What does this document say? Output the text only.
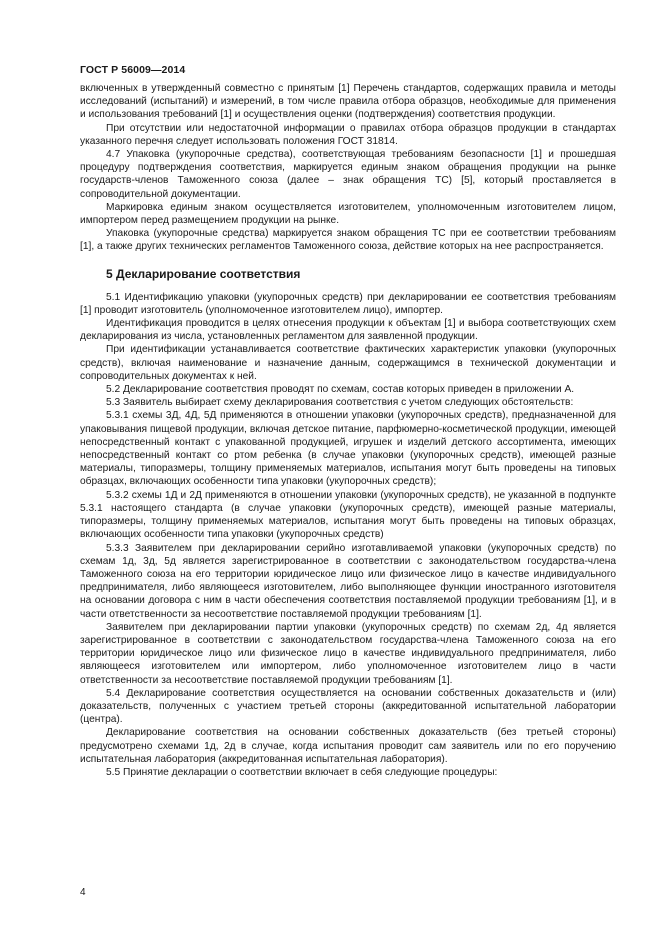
ГОСТ Р 56009—2014

включенных в утвержденный совместно с принятым [1] Перечень стандартов, содержащих правила и методы исследований (испытаний) и измерений, в том числе правила отбора образцов, необходимые для применения и использования требований [1] и осуществления оценки (подтверждения) соответствия продукции.

При отсутствии или недостаточной информации о правилах отбора образцов продукции в стандартах указанного перечня следует использовать положения ГОСТ 31814.

4.7 Упаковка (укупорочные средства), соответствующая требованиям безопасности [1] и прошедшая процедуру подтверждения соответствия, маркируется единым знаком обращения продукции на рынке государств-членов Таможенного союза (далее – знак обращения ТС) [5], который проставляется в сопроводительной документации.

Маркировка единым знаком осуществляется изготовителем, уполномоченным изготовителем лицом, импортером перед размещением продукции на рынке.

Упаковка (укупорочные средства) маркируется знаком обращения ТС при ее соответствии требованиям [1], а также других технических регламентов Таможенного союза, действие которых на нее распространяется.

5 Декларирование соответствия

5.1 Идентификацию упаковки (укупорочных средств) при декларировании ее соответствия требованиям [1] проводит изготовитель (уполномоченное изготовителем лицо), импортер.

Идентификация проводится в целях отнесения продукции к объектам [1] и выбора соответствующих схем декларирования из числа, установленных регламентом для заявленной продукции.

При идентификации устанавливается соответствие фактических характеристик упаковки (укупорочных средств), включая наименование и назначение данным, содержащимся в технической документации и сопроводительных документах к ней.

5.2 Декларирование соответствия проводят по схемам, состав которых приведен в приложении А.

5.3 Заявитель выбирает схему декларирования соответствия с учетом следующих обстоятельств:

5.3.1 схемы 3Д, 4Д, 5Д применяются в отношении упаковки (укупорочных средств), предназначенной для упаковывания пищевой продукции, включая детское питание, парфюмерно-косметической продукции, имеющей непосредственный контакт с упакованной продукцией, игрушек и изделий детского ассортимента, имеющих непосредственный контакт со ртом ребенка (в случае упаковки (укупорочных средств), имеющей разные материалы, типоразмеры, толщину применяемых материалов, испытания могут быть проведены на типовых образцах, включающих особенности типа упаковки (укупорочных средств);

5.3.2 схемы 1Д и 2Д применяются в отношении упаковки (укупорочных средств), не указанной в подпункте 5.3.1 настоящего стандарта (в случае упаковки (укупорочных средств), имеющей разные материалы, типоразмеры, толщину применяемых материалов, испытания могут быть проведены на типовых образцах, включающих особенности типа упаковки (укупорочных средств)

5.3.3 Заявителем при декларировании серийно изготавливаемой упаковки (укупорочных средств) по схемам 1д, 3д, 5д является зарегистрированное в соответствии с законодательством государства-члена Таможенного союза на его территории юридическое лицо или физическое лицо в качестве индивидуального предпринимателя, либо являющееся изготовителем, либо выполняющее функции иностранного изготовителя на основании договора с ним в части обеспечения соответствия поставляемой продукции требованиям [1], и в части ответственности за несоответствие поставляемой продукции требованиям [1].

Заявителем при декларировании партии упаковки (укупорочных средств) по схемам 2д, 4д является зарегистрированное в соответствии с законодательством государства-члена Таможенного союза на его территории юридическое лицо или физическое лицо в качестве индивидуального предпринимателя, либо являющееся изготовителем или импортером, либо уполномоченное изготовителем лицо в части ответственности за несоответствие поставляемой продукции требованиям [1].

5.4 Декларирование соответствия осуществляется на основании собственных доказательств и (или) доказательств, полученных с участием третьей стороны (аккредитованной испытательной лаборатории (центра).

Декларирование соответствия на основании собственных доказательств (без третьей стороны) предусмотрено схемами 1д, 2д в случае, когда испытания проводит сам заявитель или по его поручению испытательная лаборатория (аккредитованная испытательная лаборатория).

5.5 Принятие декларации о соответствии включает в себя следующие процедуры:

4
